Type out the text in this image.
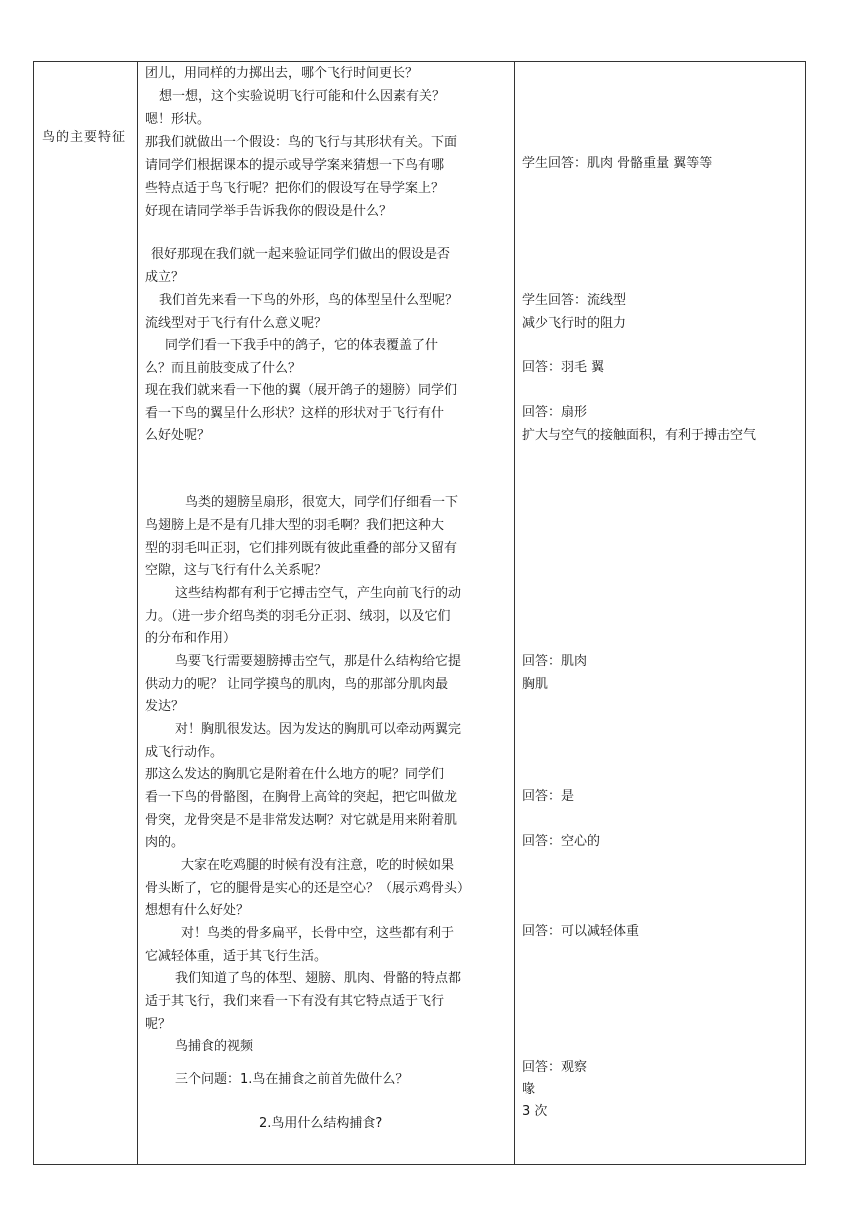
鸟的主要特征
团儿，用同样的力掷出去，哪个飞行时间更长？
想一想，这个实验说明飞行可能和什么因素有关？
嗯！形状。
那我们就做出一个假设：鸟的飞行与其形状有关。下面
请同学们根据课本的提示或导学案来猜想一下鸟有哪
些特点适于鸟飞行呢？把你们的假设写在导学案上？
好现在请同学举手告诉我你的假设是什么？
很好那现在我们就一起来验证同学们做出的假设是否
成立？
我们首先来看一下鸟的外形，鸟的体型呈什么型呢？
流线型对于飞行有什么意义呢？
同学们看一下我手中的鸽子，它的体表覆盖了什
么？而且前肢变成了什么？
现在我们就来看一下他的翼（展开鸽子的翅膀）同学们
看一下鸟的翼呈什么形状？这样的形状对于飞行有什
么好处呢？
鸟类的翅膀呈扇形，很宽大，同学们仔细看一下
鸟翅膀上是不是有几排大型的羽毛啊？我们把这种大
型的羽毛叫正羽，它们排列既有彼此重叠的部分又留有
空隙，这与飞行有什么关系呢？
这些结构都有利于它搏击空气，产生向前飞行的动
力。（进一步介绍鸟类的羽毛分正羽、绒羽，以及它们
的分布和作用）
鸟要飞行需要翅膀搏击空气，那是什么结构给它提
供动力的呢？ 让同学摸鸟的肌肉，鸟的那部分肌肉最
发达？
对！胸肌很发达。因为发达的胸肌可以牵动两翼完
成飞行动作。
那这么发达的胸肌它是附着在什么地方的呢？同学们
看一下鸟的骨骼图，在胸骨上高耸的突起，把它叫做龙
骨突，龙骨突是不是非常发达啊？对它就是用来附着肌
肉的。
大家在吃鸡腿的时候有没有注意，吃的时候如果
骨头断了，它的腿骨是实心的还是空心？（展示鸡骨头）
想想有什么好处？
对！鸟类的骨多扁平，长骨中空，这些都有利于
它减轻体重，适于其飞行生活。
我们知道了鸟的体型、翅膀、肌肉、骨骼的特点都
适于其飞行，我们来看一下有没有其它特点适于飞行
呢？
鸟捕食的视频
三个问题：1.鸟在捕食之前首先做什么？
2.鸟用什么结构捕食?
学生回答：肌肉 骨骼重量 翼等等
学生回答：流线型
减少飞行时的阻力
回答：羽毛 翼
回答：扇形
扩大与空气的接触面积，有利于搏击空气
回答：肌肉
胸肌
回答：是
回答：空心的
回答：可以减轻体重
回答：观察
喙
3 次
